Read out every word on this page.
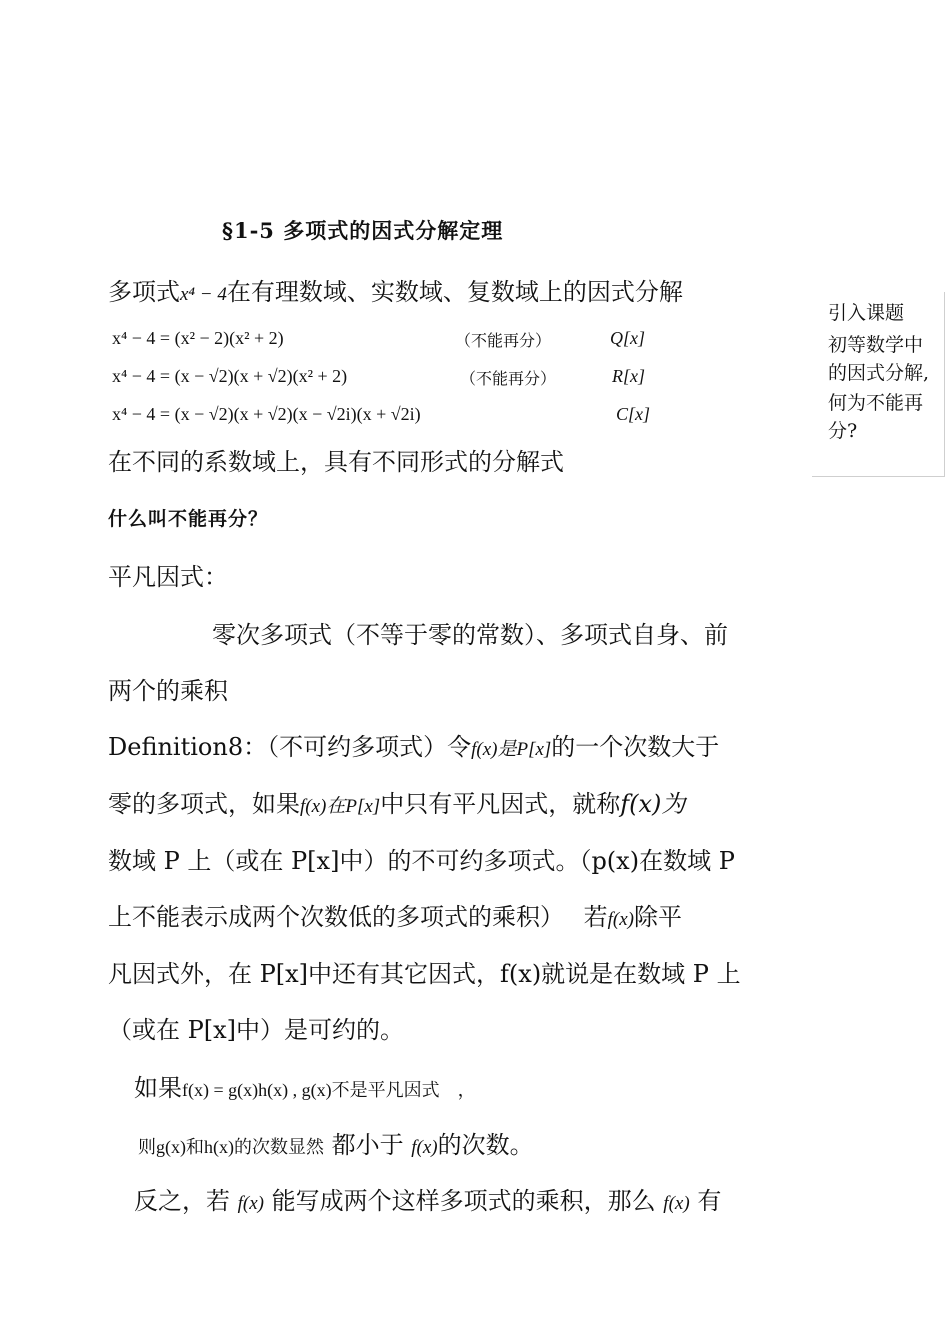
§1-5 多项式的因式分解定理
多项式x⁴ − 4在有理数域、实数域、复数域上的因式分解
x⁴ − 4 = (x² − 2)(x² + 2)	（不能再分）	Q[x]
x⁴ − 4 = (x − √2)(x + √2)(x² + 2)	（不能再分）	R[x]
x⁴ − 4 = (x − √2)(x + √2)(x − √2i)(x + √2i)	C[x]
在不同的系数域上，具有不同形式的分解式
什么叫不能再分？
平凡因式：
零次多项式（不等于零的常数）、多项式自身、前
两个的乘积
Definition8：（不可约多项式）令f(x)是P[x]的一个次数大于
零的多项式，如果f(x)在P[x]中只有平凡因式，就称f(x)为
数域 P 上（或在 P[x]中）的不可约多项式。（p(x)在数域 P
上不能表示成两个次数低的多项式的乘积）　 若f(x)除平
凡因式外，在 P[x]中还有其它因式，f(x)就说是在数域 P 上
（或在 P[x]中）是可约的。
如果f(x) = g(x)h(x) , g(x)不是平凡因式　，
则g(x)和h(x)的次数显然 都小于 f(x)的次数。
反之，若 f(x) 能写成两个这样多项式的乘积，那么 f(x) 有
引入课题
初等数学中
的因式分解,
何为不能再
分?
